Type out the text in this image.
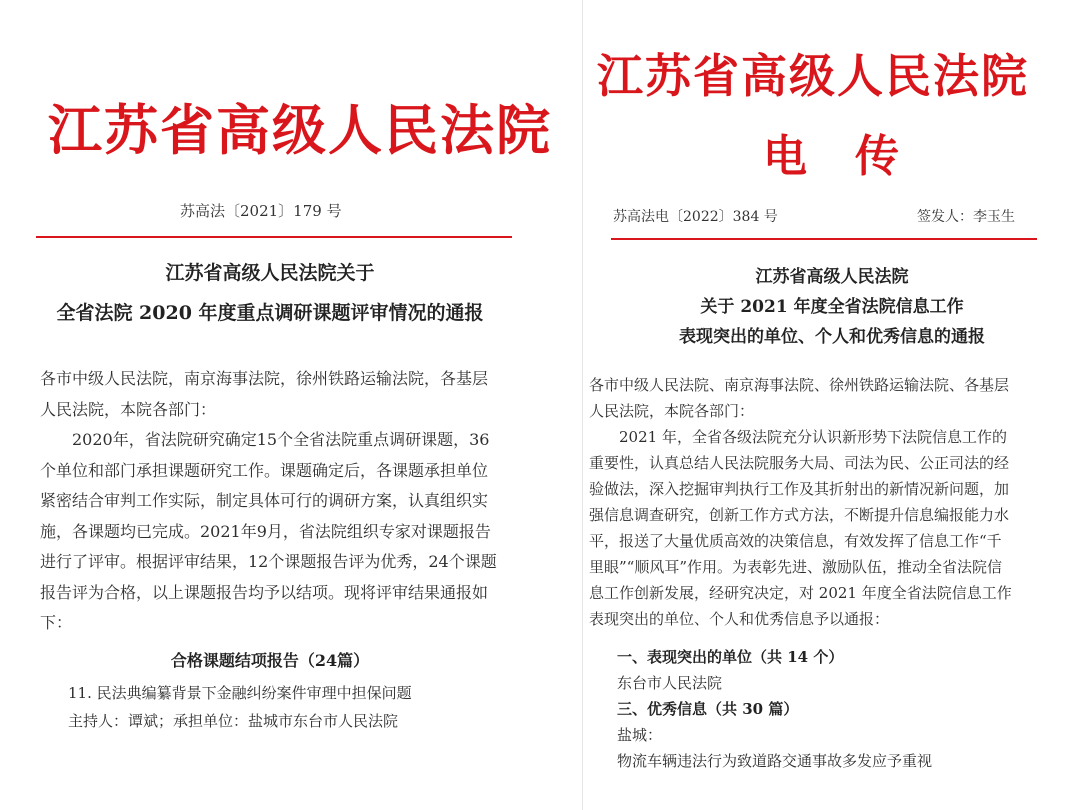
江苏省高级人民法院
苏高法〔2021〕179 号
江苏省高级人民法院关于
全省法院 2020 年度重点调研课题评审情况的通报
各市中级人民法院，南京海事法院，徐州铁路运输法院，各基层
人民法院，本院各部门：
　　2020年，省法院研究确定15个全省法院重点调研课题，36
个单位和部门承担课题研究工作。课题确定后，各课题承担单位
紧密结合审判工作实际，制定具体可行的调研方案，认真组织实
施，各课题均已完成。2021年9月，省法院组织专家对课题报告
进行了评审。根据评审结果，12个课题报告评为优秀，24个课题
报告评为合格，以上课题报告均予以结项。现将评审结果通报如
下：
合格课题结项报告（24篇）
11. 民法典编纂背景下金融纠纷案件审理中担保问题
主持人：谭斌；承担单位：盐城市东台市人民法院
江苏省高级人民法院
电　传
苏高法电〔2022〕384 号	签发人：李玉生
江苏省高级人民法院
关于 2021 年度全省法院信息工作
表现突出的单位、个人和优秀信息的通报
各市中级人民法院、南京海事法院、徐州铁路运输法院、各基层
人民法院，本院各部门：
　　2021 年，全省各级法院充分认识新形势下法院信息工作的
重要性，认真总结人民法院服务大局、司法为民、公正司法的经
验做法，深入挖掘审判执行工作及其折射出的新情况新问题，加
强信息调查研究，创新工作方式方法，不断提升信息编报能力水
平，报送了大量优质高效的决策信息，有效发挥了信息工作“千
里眼”“顺风耳”作用。为表彰先进、激励队伍，推动全省法院信
息工作创新发展，经研究决定，对 2021 年度全省法院信息工作
表现突出的单位、个人和优秀信息予以通报：
一、表现突出的单位（共 14 个）
东台市人民法院
三、优秀信息（共 30 篇）
盐城：
物流车辆违法行为致道路交通事故多发应予重视
